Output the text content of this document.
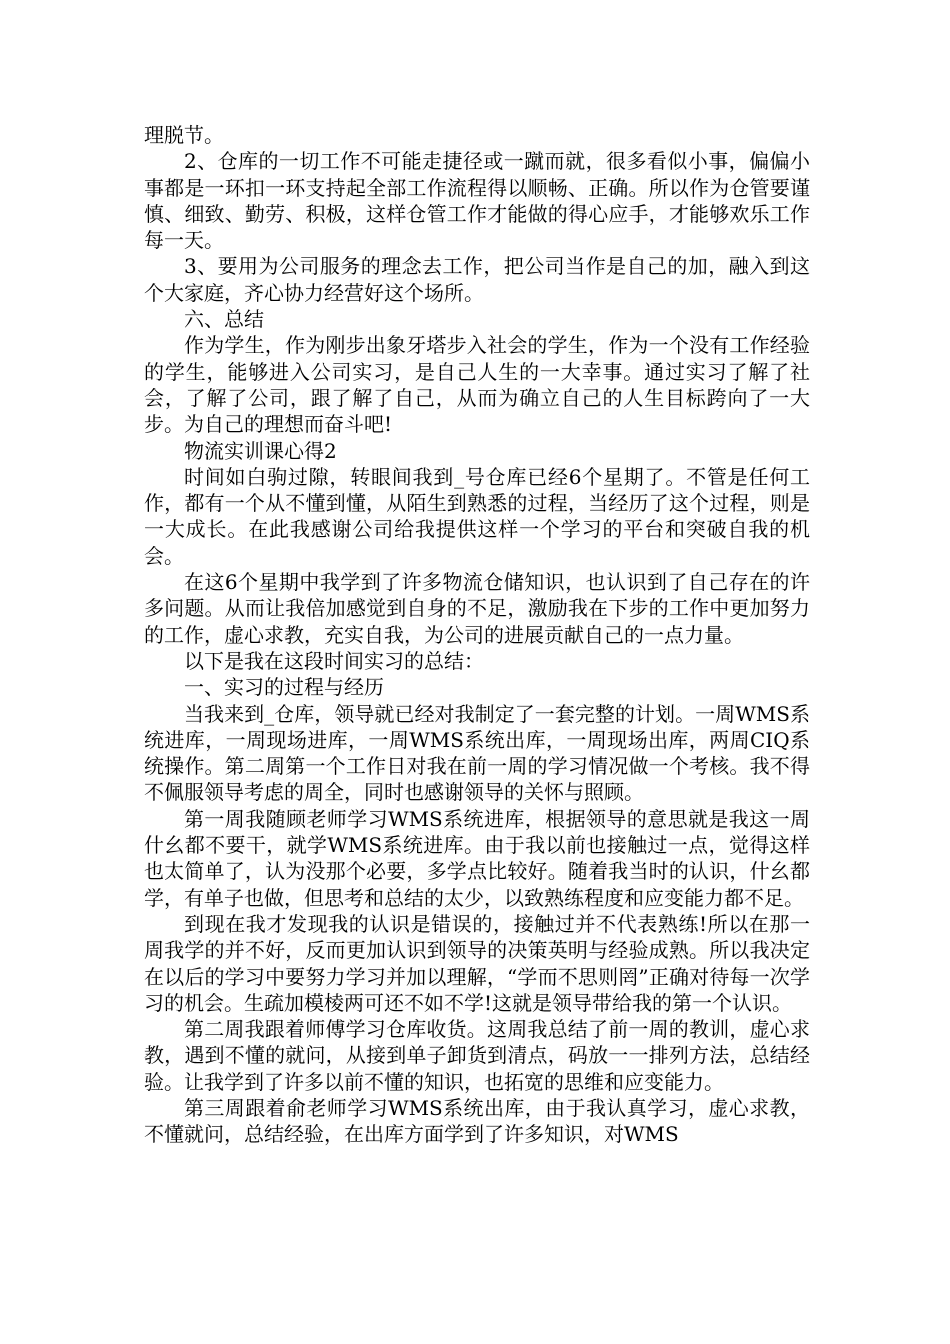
理脱节。

2、仓库的一切工作不可能走捷径或一蹴而就，很多看似小事，偏偏小事都是一环扣一环支持起全部工作流程得以顺畅、正确。所以作为仓管要谨慎、细致、勤劳、积极，这样仓管工作才能做的得心应手，才能够欢乐工作每一天。

3、要用为公司服务的理念去工作，把公司当作是自己的加，融入到这个大家庭，齐心协力经营好这个场所。

六、总结

作为学生，作为刚步出象牙塔步入社会的学生，作为一个没有工作经验的学生，能够进入公司实习，是自己人生的一大幸事。通过实习了解了社会，了解了公司，跟了解了自己，从而为确立自己的人生目标跨向了一大步。为自己的理想而奋斗吧!

物流实训课心得2

时间如白驹过隙，转眼间我到_号仓库已经6个星期了。不管是任何工作，都有一个从不懂到懂，从陌生到熟悉的过程，当经历了这个过程，则是一大成长。在此我感谢公司给我提供这样一个学习的平台和突破自我的机会。

在这6个星期中我学到了许多物流仓储知识，也认识到了自己存在的许多问题。从而让我倍加感觉到自身的不足，激励我在下步的工作中更加努力的工作，虚心求教，充实自我，为公司的进展贡献自己的一点力量。

以下是我在这段时间实习的总结：

一、实习的过程与经历

当我来到_仓库，领导就已经对我制定了一套完整的计划。一周WMS系统进库，一周现场进库，一周WMS系统出库，一周现场出库，两周CIQ系统操作。第二周第一个工作日对我在前一周的学习情况做一个考核。我不得不佩服领导考虑的周全，同时也感谢领导的关怀与照顾。

第一周我随顾老师学习WMS系统进库，根据领导的意思就是我这一周什幺都不要干，就学WMS系统进库。由于我以前也接触过一点，觉得这样也太简单了，认为没那个必要，多学点比较好。随着我当时的认识，什幺都学，有单子也做，但思考和总结的太少，以致熟练程度和应变能力都不足。

到现在我才发现我的认识是错误的，接触过并不代表熟练!所以在那一周我学的并不好，反而更加认识到领导的决策英明与经验成熟。所以我决定在以后的学习中要努力学习并加以理解，“学而不思则罔”正确对待每一次学习的机会。生疏加模棱两可还不如不学!这就是领导带给我的第一个认识。

第二周我跟着师傅学习仓库收货。这周我总结了前一周的教训，虚心求教，遇到不懂的就问，从接到单子卸货到清点，码放一一排列方法，总结经验。让我学到了许多以前不懂的知识，也拓宽的思维和应变能力。

第三周跟着俞老师学习WMS系统出库，由于我认真学习，虚心求教，不懂就问，总结经验，在出库方面学到了许多知识，对WMS
